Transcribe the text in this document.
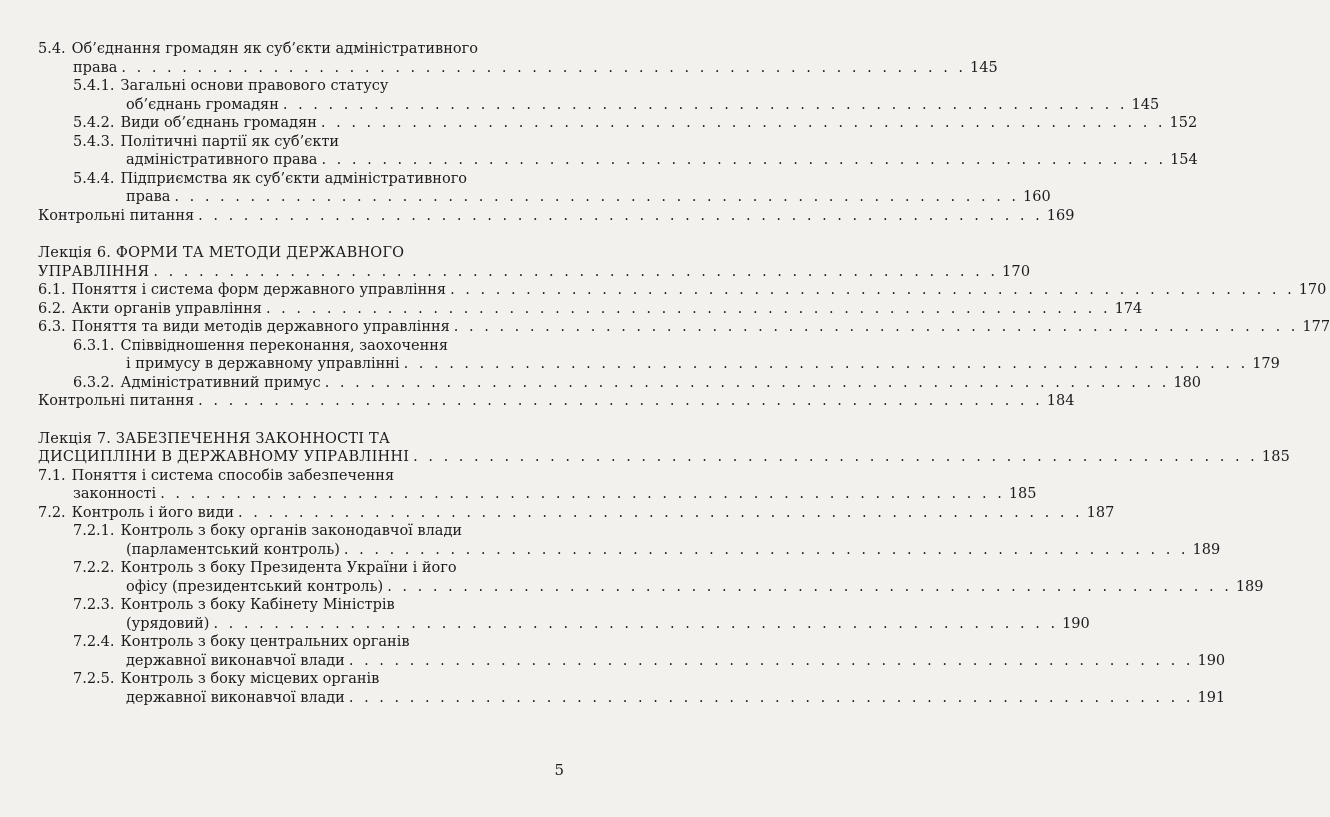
5.4. Об’єднання громадян як суб’єкти адміністративного
права . . . . . . . . . . . . . . . . . . . . . . . . . . . . . . . . . . . . . . . . . . . . . . . . . . . . . . . . 145
5.4.1. Загальні основи правового статусу
об’єднань громадян . . . . . . . . . . . . . . . . . . . . . . . . . . . . . . . . . . . . . . . . . . . . . . . . . . . . . . . . 145
5.4.2. Види об’єднань громадян . . . . . . . . . . . . . . . . . . . . . . . . . . . . . . . . . . . . . . . . . . . . . . . . . . . . . . . . 152
5.4.3. Політичні партії як суб’єкти
адміністративного права . . . . . . . . . . . . . . . . . . . . . . . . . . . . . . . . . . . . . . . . . . . . . . . . . . . . . . . . 154
5.4.4. Підприємства як суб’єкти адміністративного
права . . . . . . . . . . . . . . . . . . . . . . . . . . . . . . . . . . . . . . . . . . . . . . . . . . . . . . . . 160
Контрольні питання . . . . . . . . . . . . . . . . . . . . . . . . . . . . . . . . . . . . . . . . . . . . . . . . . . . . . . . . 169
Лекція 6. ФОРМИ ТА МЕТОДИ ДЕРЖАВНОГО
УПРАВЛІННЯ . . . . . . . . . . . . . . . . . . . . . . . . . . . . . . . . . . . . . . . . . . . . . . . . . . . . . . . . 170
6.1. Поняття і система форм державного управління . . . . . . . . . . . . . . . . . . . . . . . . . . . . . . . . . . . . . . . . . . . . . . . . . . . . . . . . 170
6.2. Акти органів управління . . . . . . . . . . . . . . . . . . . . . . . . . . . . . . . . . . . . . . . . . . . . . . . . . . . . . . . . 174
6.3. Поняття та види методів державного управління . . . . . . . . . . . . . . . . . . . . . . . . . . . . . . . . . . . . . . . . . . . . . . . . . . . . . . . . 177
6.3.1. Співвідношення переконання, заохочення
і примусу в державному управлінні . . . . . . . . . . . . . . . . . . . . . . . . . . . . . . . . . . . . . . . . . . . . . . . . . . . . . . . . 179
6.3.2. Адміністративний примус . . . . . . . . . . . . . . . . . . . . . . . . . . . . . . . . . . . . . . . . . . . . . . . . . . . . . . . . 180
Контрольні питання . . . . . . . . . . . . . . . . . . . . . . . . . . . . . . . . . . . . . . . . . . . . . . . . . . . . . . . . 184
Лекція 7. ЗАБЕЗПЕЧЕННЯ ЗАКОННОСТІ ТА
ДИСЦИПЛІНИ В ДЕРЖАВНОМУ УПРАВЛІННІ . . . . . . . . . . . . . . . . . . . . . . . . . . . . . . . . . . . . . . . . . . . . . . . . . . . . . . . . 185
7.1. Поняття і система способів забезпечення
законності . . . . . . . . . . . . . . . . . . . . . . . . . . . . . . . . . . . . . . . . . . . . . . . . . . . . . . . . 185
7.2. Контроль і його види . . . . . . . . . . . . . . . . . . . . . . . . . . . . . . . . . . . . . . . . . . . . . . . . . . . . . . . . 187
7.2.1. Контроль з боку органів законодавчої влади
(парламентський контроль) . . . . . . . . . . . . . . . . . . . . . . . . . . . . . . . . . . . . . . . . . . . . . . . . . . . . . . . . 189
7.2.2. Контроль з боку Президента України і його
офісу (президентський контроль) . . . . . . . . . . . . . . . . . . . . . . . . . . . . . . . . . . . . . . . . . . . . . . . . . . . . . . . . 189
7.2.3. Контроль з боку Кабінету Міністрів
(урядовий) . . . . . . . . . . . . . . . . . . . . . . . . . . . . . . . . . . . . . . . . . . . . . . . . . . . . . . . . 190
7.2.4. Контроль з боку центральних органів
державної виконавчої влади . . . . . . . . . . . . . . . . . . . . . . . . . . . . . . . . . . . . . . . . . . . . . . . . . . . . . . . . 190
7.2.5. Контроль з боку місцевих органів
державної виконавчої влади . . . . . . . . . . . . . . . . . . . . . . . . . . . . . . . . . . . . . . . . . . . . . . . . . . . . . . . . 191
5
